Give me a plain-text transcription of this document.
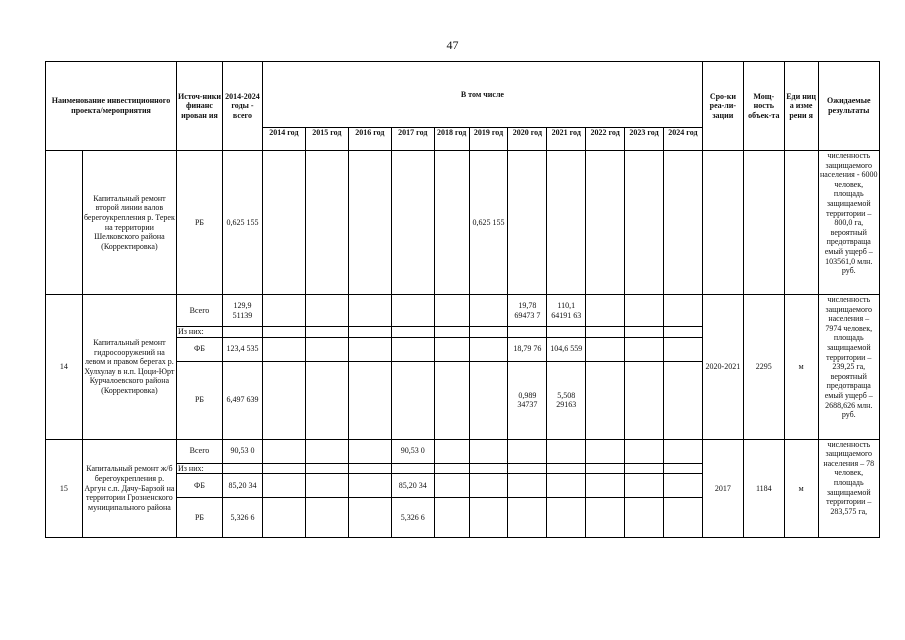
47
Наименование инвестиционного проекта/мероприятия		Источ-ники финанс ирован ия	2014-2024 годы - всего	В том числе											Сро-ки реа-ли-зации	Мощ-ность объек-та	Еди ниц а изме рени я	Ожидаемые результаты
				2014 год	2015 год	2016 год	2017 год	2018 год	2019 год	2020 год	2021 год	2022 год	2023 год	2024 год				
	Капитальный ремонт второй линии валов берегоукрепления р. Терек на территории Шелковского района (Корректировка)	РБ	0,625 155						0,625 155									численность защищаемого населения - 6000 человек, площадь защищаемой территории – 800,0 га, вероятный предотвраща емый ущерб – 103561,0 млн. руб.
14	Капитальный ремонт гидросооружений на левом и правом берегах р. Хулхулау в н.п. Цоци-Юрт Курчалоевского района (Корректировка)	Всего	129,9 51139							19,78 69473 7	110,1 64191 63				2020-2021	2295	м	численность защищаемого населения – 7974 человек, площадь защищаемой территории – 239,25 га, вероятный предотвраща емый ущерб – 2688,626 млн. руб.
		Из них:																
		ФБ	123,4 535							18,79 76	104,6 559							
		РБ	6,497 639							0,989 34737	5,508 29163							
15	Капитальный ремонт ж/б берегоукрепления р. Аргун с.п. Дачу-Барзой на территории Грозненского муниципального района	Всего	90,53 0				90,53 0								2017	1184	м	численность защищаемого населения – 78 человек, площадь защищаемой территории – 283,575 га,
		Из них:																
		ФБ	85,20 34				85,20 34											
		РБ	5,326 6				5,326 6											
